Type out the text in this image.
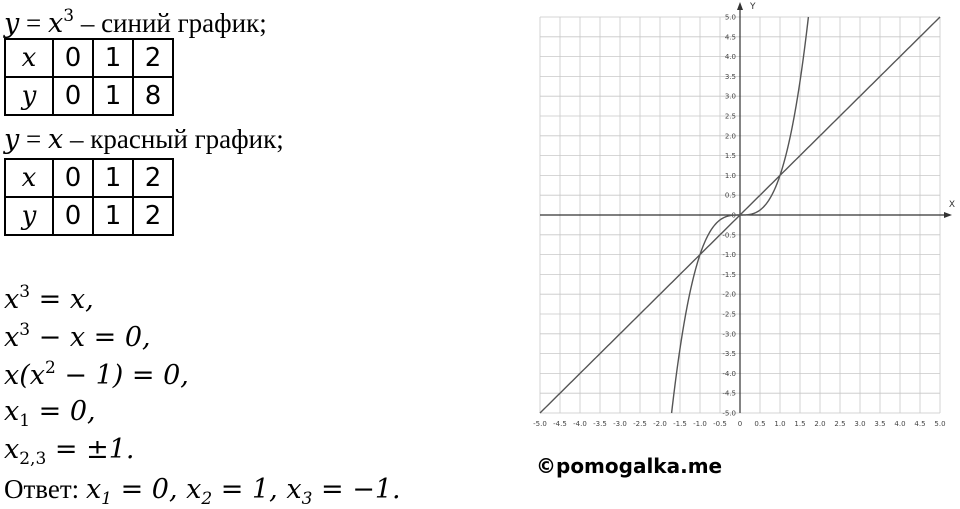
$y = x^3$ – синий график;
x	0	1	2
y	0	1	8
y = x – красный график;
x	0	1	2
y	0	1	2
$x^3 = x$,
$x^3 - x = 0$,
$x(x^2 - 1) = 0$,
$x_1 = 0$,
$x_{2,3} = \pm 1$.
Ответ: $x_1 = 0$, $x_2 = 1$, $x_3 = -1$.
X
Y
-5.0 -4.5 -4.0 -3.5 -3.0 -2.5 -2.0 -1.5 -1.0 -0.5 0 0.5 1.0 1.5 2.0 2.5 3.0 3.5 4.0 4.5 5.0
5.0
4.5
4.0
3.5
3.0
2.5
2.0
1.5
1.0
0.5
0
-0.5
-1.0
-1.5
-2.0
-2.5
-3.0
-3.5
-4.0
-4.5
-5.0
©pomogalka.me
